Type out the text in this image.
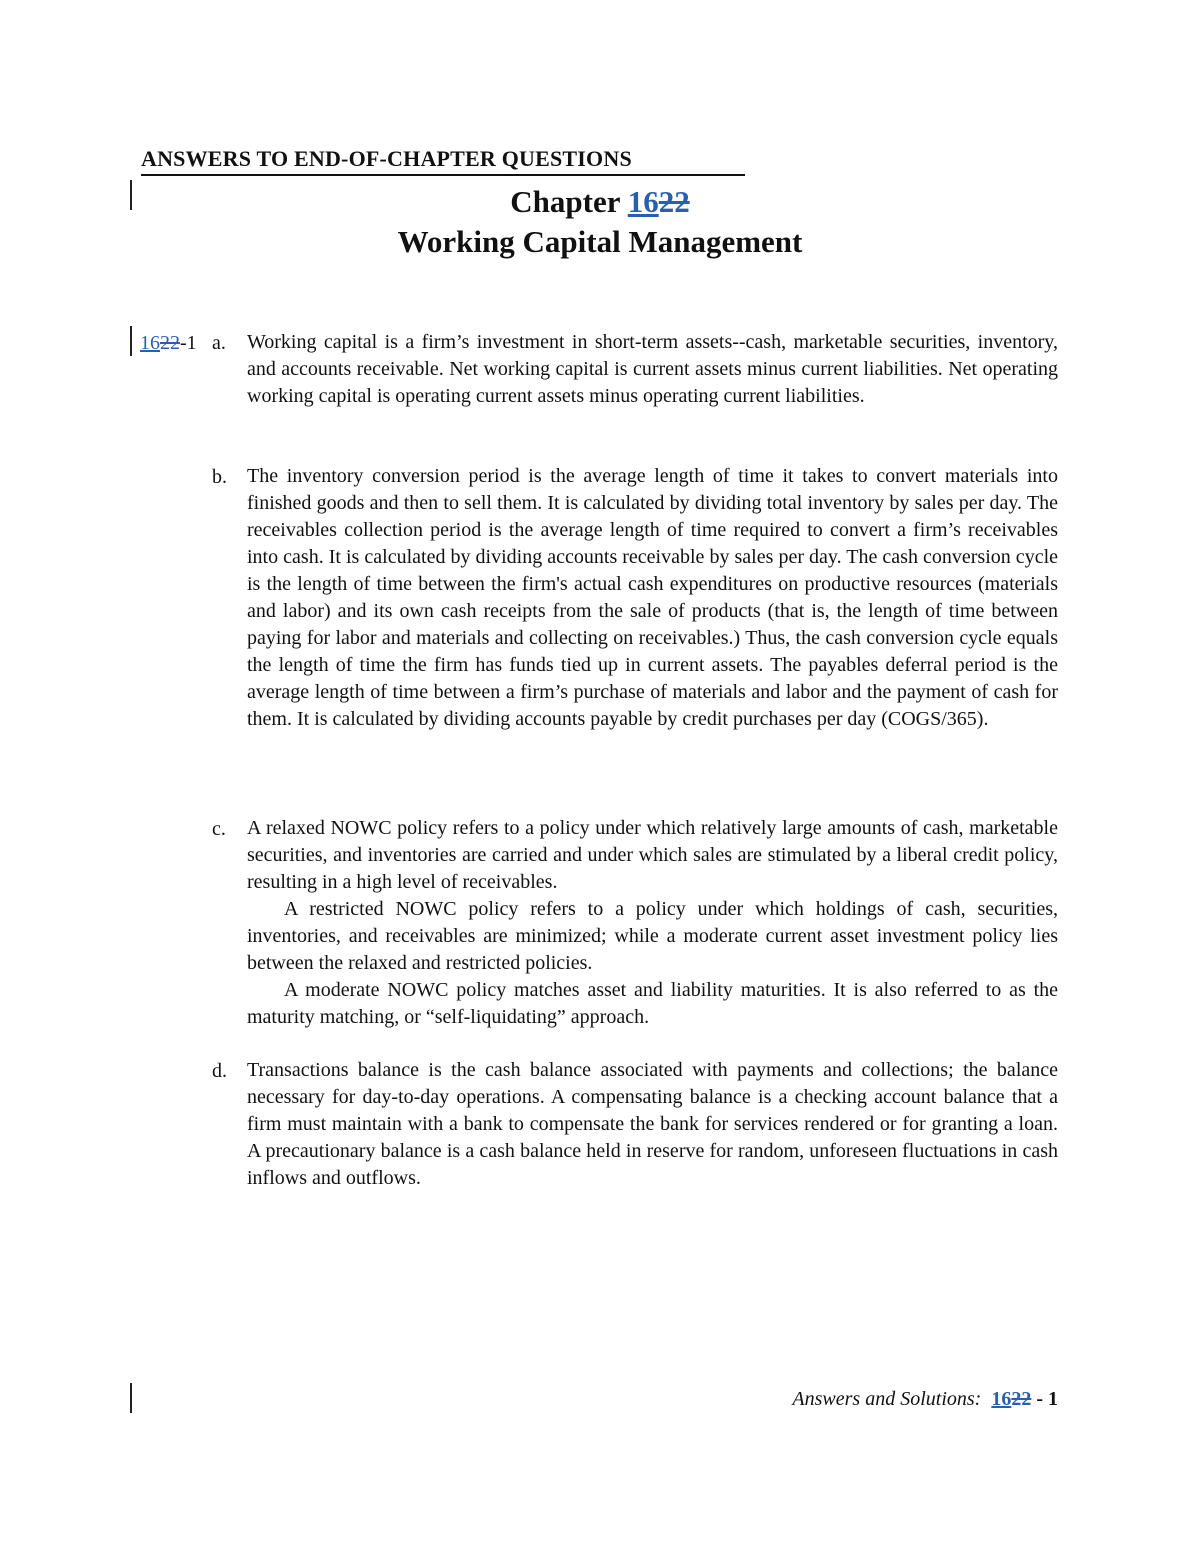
ANSWERS TO END-OF-CHAPTER QUESTIONS
Chapter 1622
Working Capital Management
1622-1 a. Working capital is a firm’s investment in short-term assets--cash, marketable securities, inventory, and accounts receivable. Net working capital is current assets minus current liabilities. Net operating working capital is operating current assets minus operating current liabilities.

b. The inventory conversion period is the average length of time it takes to convert materials into finished goods and then to sell them. It is calculated by dividing total inventory by sales per day. The receivables collection period is the average length of time required to convert a firm’s receivables into cash. It is calculated by dividing accounts receivable by sales per day. The cash conversion cycle is the length of time between the firm's actual cash expenditures on productive resources (materials and labor) and its own cash receipts from the sale of products (that is, the length of time between paying for labor and materials and collecting on receivables.) Thus, the cash conversion cycle equals the length of time the firm has funds tied up in current assets. The payables deferral period is the average length of time between a firm’s purchase of materials and labor and the payment of cash for them. It is calculated by dividing accounts payable by credit purchases per day (COGS/365).

c. A relaxed NOWC policy refers to a policy under which relatively large amounts of cash, marketable securities, and inventories are carried and under which sales are stimulated by a liberal credit policy, resulting in a high level of receivables.

A restricted NOWC policy refers to a policy under which holdings of cash, securities, inventories, and receivables are minimized; while a moderate current asset investment policy lies between the relaxed and restricted policies.

A moderate NOWC policy matches asset and liability maturities. It is also referred to as the maturity matching, or “self-liquidating” approach.

d. Transactions balance is the cash balance associated with payments and collections; the balance necessary for day-to-day operations. A compensating balance is a checking account balance that a firm must maintain with a bank to compensate the bank for services rendered or for granting a loan. A precautionary balance is a cash balance held in reserve for random, unforeseen fluctuations in cash inflows and outflows.

Answers and Solutions: 1622 - 1
